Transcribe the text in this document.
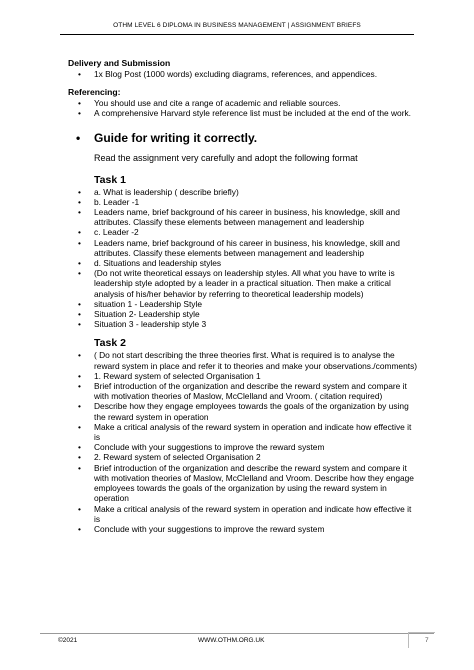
OTHM LEVEL 6 DIPLOMA IN BUSINESS MANAGEMENT | ASSIGNMENT BRIEFS
Delivery and Submission
• 1x Blog Post (1000 words) excluding diagrams, references, and appendices.
Referencing:
• You should use and cite a range of academic and reliable sources.
• A comprehensive Harvard style reference list must be included at the end of the work.
• Guide for writing it correctly.
Read the assignment very carefully and adopt the following format
Task 1
• a. What is leadership ( describe briefly)
• b. Leader -1
• Leaders name, brief background of his career in business, his knowledge, skill and attributes. Classify these elements between management and leadership
• c. Leader -2
• Leaders name, brief background of his career in business, his knowledge, skill and attributes. Classify these elements between management and leadership
• d. Situations and leadership styles
• (Do not write theoretical essays on leadership styles. All what you have to write is leadership style adopted by a leader in a practical situation. Then make a critical analysis of his/her behavior by referring to theoretical leadership models)
• situation 1 - Leadership Style
• Situation 2- Leadership style
• Situation 3 - leadership style 3
Task 2
• ( Do not start describing the three theories first. What is required is to analyse the reward system in place and refer it to theories and make your observations./comments)
• 1. Reward system of selected Organisation 1
• Brief introduction of the organization and describe the reward system and compare it with motivation theories of Maslow, McClelland and Vroom. ( citation required)
• Describe how they engage employees towards the goals of the organization by using the reward system in operation
• Make a critical analysis of the reward system in operation and indicate how effective it is
• Conclude with your suggestions to improve the reward system
• 2. Reward system of selected Organisation 2
• Brief introduction of the organization and describe the reward system and compare it with motivation theories of Maslow, McClelland and Vroom. Describe how they engage employees towards the goals of the organization by using the reward system in operation
• Make a critical analysis of the reward system in operation and indicate how effective it is
• Conclude with your suggestions to improve the reward system
©2021	WWW.OTHM.ORG.UK	7
